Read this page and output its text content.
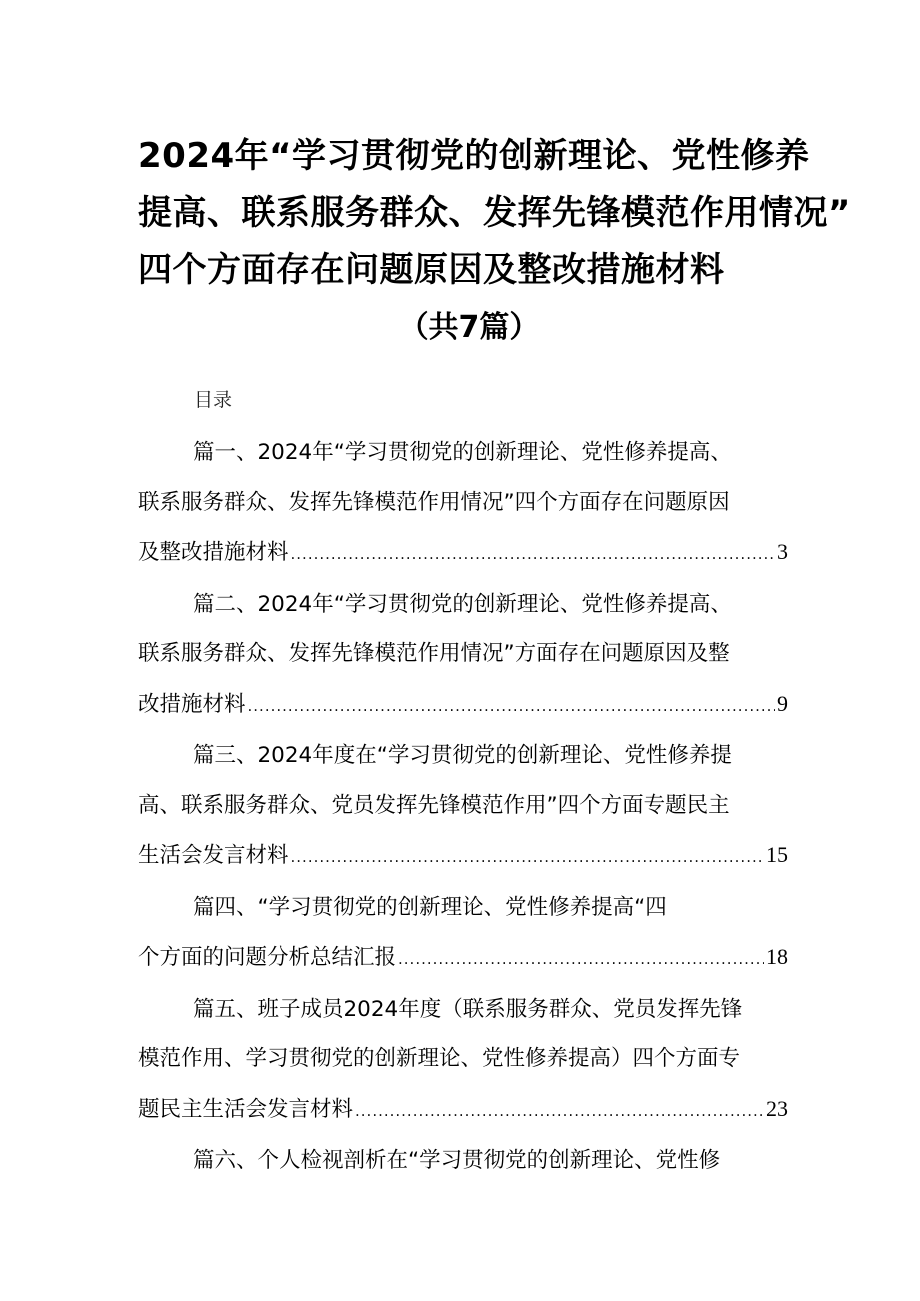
2024年“学习贯彻党的创新理论、党性修养
提高、联系服务群众、发挥先锋模范作用情况”
四个方面存在问题原因及整改措施材料
（共7篇）
目录
篇一、2024年“学习贯彻党的创新理论、党性修养提高、
联系服务群众、发挥先锋模范作用情况”四个方面存在问题原因
及整改措施材料 .....	3
篇二、2024年“学习贯彻党的创新理论、党性修养提高、
联系服务群众、发挥先锋模范作用情况”方面存在问题原因及整
改措施材料 .....	9
篇三、2024年度在“学习贯彻党的创新理论、党性修养提
高、联系服务群众、党员发挥先锋模范作用”四个方面专题民主
生活会发言材料 .....	15
篇四、“学习贯彻党的创新理论、党性修养提高“四
个方面的问题分析总结汇报 .....	18
篇五、班子成员2024年度（联系服务群众、党员发挥先锋
模范作用、学习贯彻党的创新理论、党性修养提高）四个方面专
题民主生活会发言材料 .....	23
篇六、个人检视剖析在“学习贯彻党的创新理论、党性修
